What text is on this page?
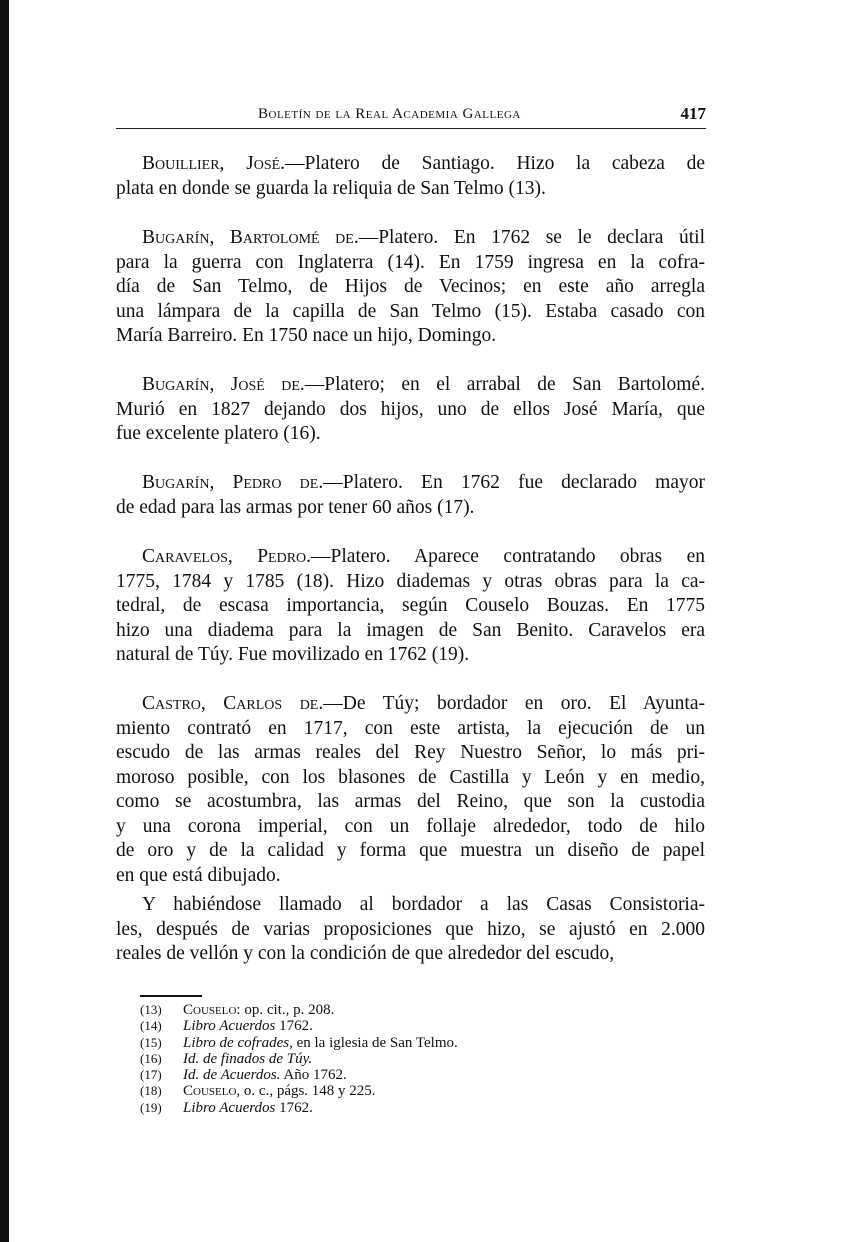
Boletín de la Real Academia Gallega	417
Bouillier, José.—Platero de Santiago. Hizo la cabeza de
plata en donde se guarda la reliquia de San Telmo (13).
Bugarín, Bartolomé de.—Platero. En 1762 se le declara útil
para la guerra con Inglaterra (14). En 1759 ingresa en la cofra-
día de San Telmo, de Hijos de Vecinos; en este año arregla
una lámpara de la capilla de San Telmo (15). Estaba casado con
María Barreiro. En 1750 nace un hijo, Domingo.
Bugarín, José de.—Platero; en el arrabal de San Bartolomé.
Murió en 1827 dejando dos hijos, uno de ellos José María, que
fue excelente platero (16).
Bugarín, Pedro de.—Platero. En 1762 fue declarado mayor
de edad para las armas por tener 60 años (17).
Caravelos, Pedro.—Platero. Aparece contratando obras en
1775, 1784 y 1785 (18). Hizo diademas y otras obras para la ca-
tedral, de escasa importancia, según Couselo Bouzas. En 1775
hizo una diadema para la imagen de San Benito. Caravelos era
natural de Túy. Fue movilizado en 1762 (19).
Castro, Carlos de.—De Túy; bordador en oro. El Ayunta-
miento contrató en 1717, con este artista, la ejecución de un
escudo de las armas reales del Rey Nuestro Señor, lo más pri-
moroso posible, con los blasones de Castilla y León y en medio,
como se acostumbra, las armas del Reino, que son la custodia
y una corona imperial, con un follaje alrededor, todo de hilo
de oro y de la calidad y forma que muestra un diseño de papel
en que está dibujado.
Y habiéndose llamado al bordador a las Casas Consistoria-
les, después de varias proposiciones que hizo, se ajustó en 2.000
reales de vellón y con la condición de que alrededor del escudo,
(13) Couselo: op. cit., p. 208.
(14) Libro Acuerdos 1762.
(15) Libro de cofrades, en la iglesia de San Telmo.
(16) Id. de finados de Túy.
(17) Id. de Acuerdos. Año 1762.
(18) Couselo, o. c., págs. 148 y 225.
(19) Libro Acuerdos 1762.
